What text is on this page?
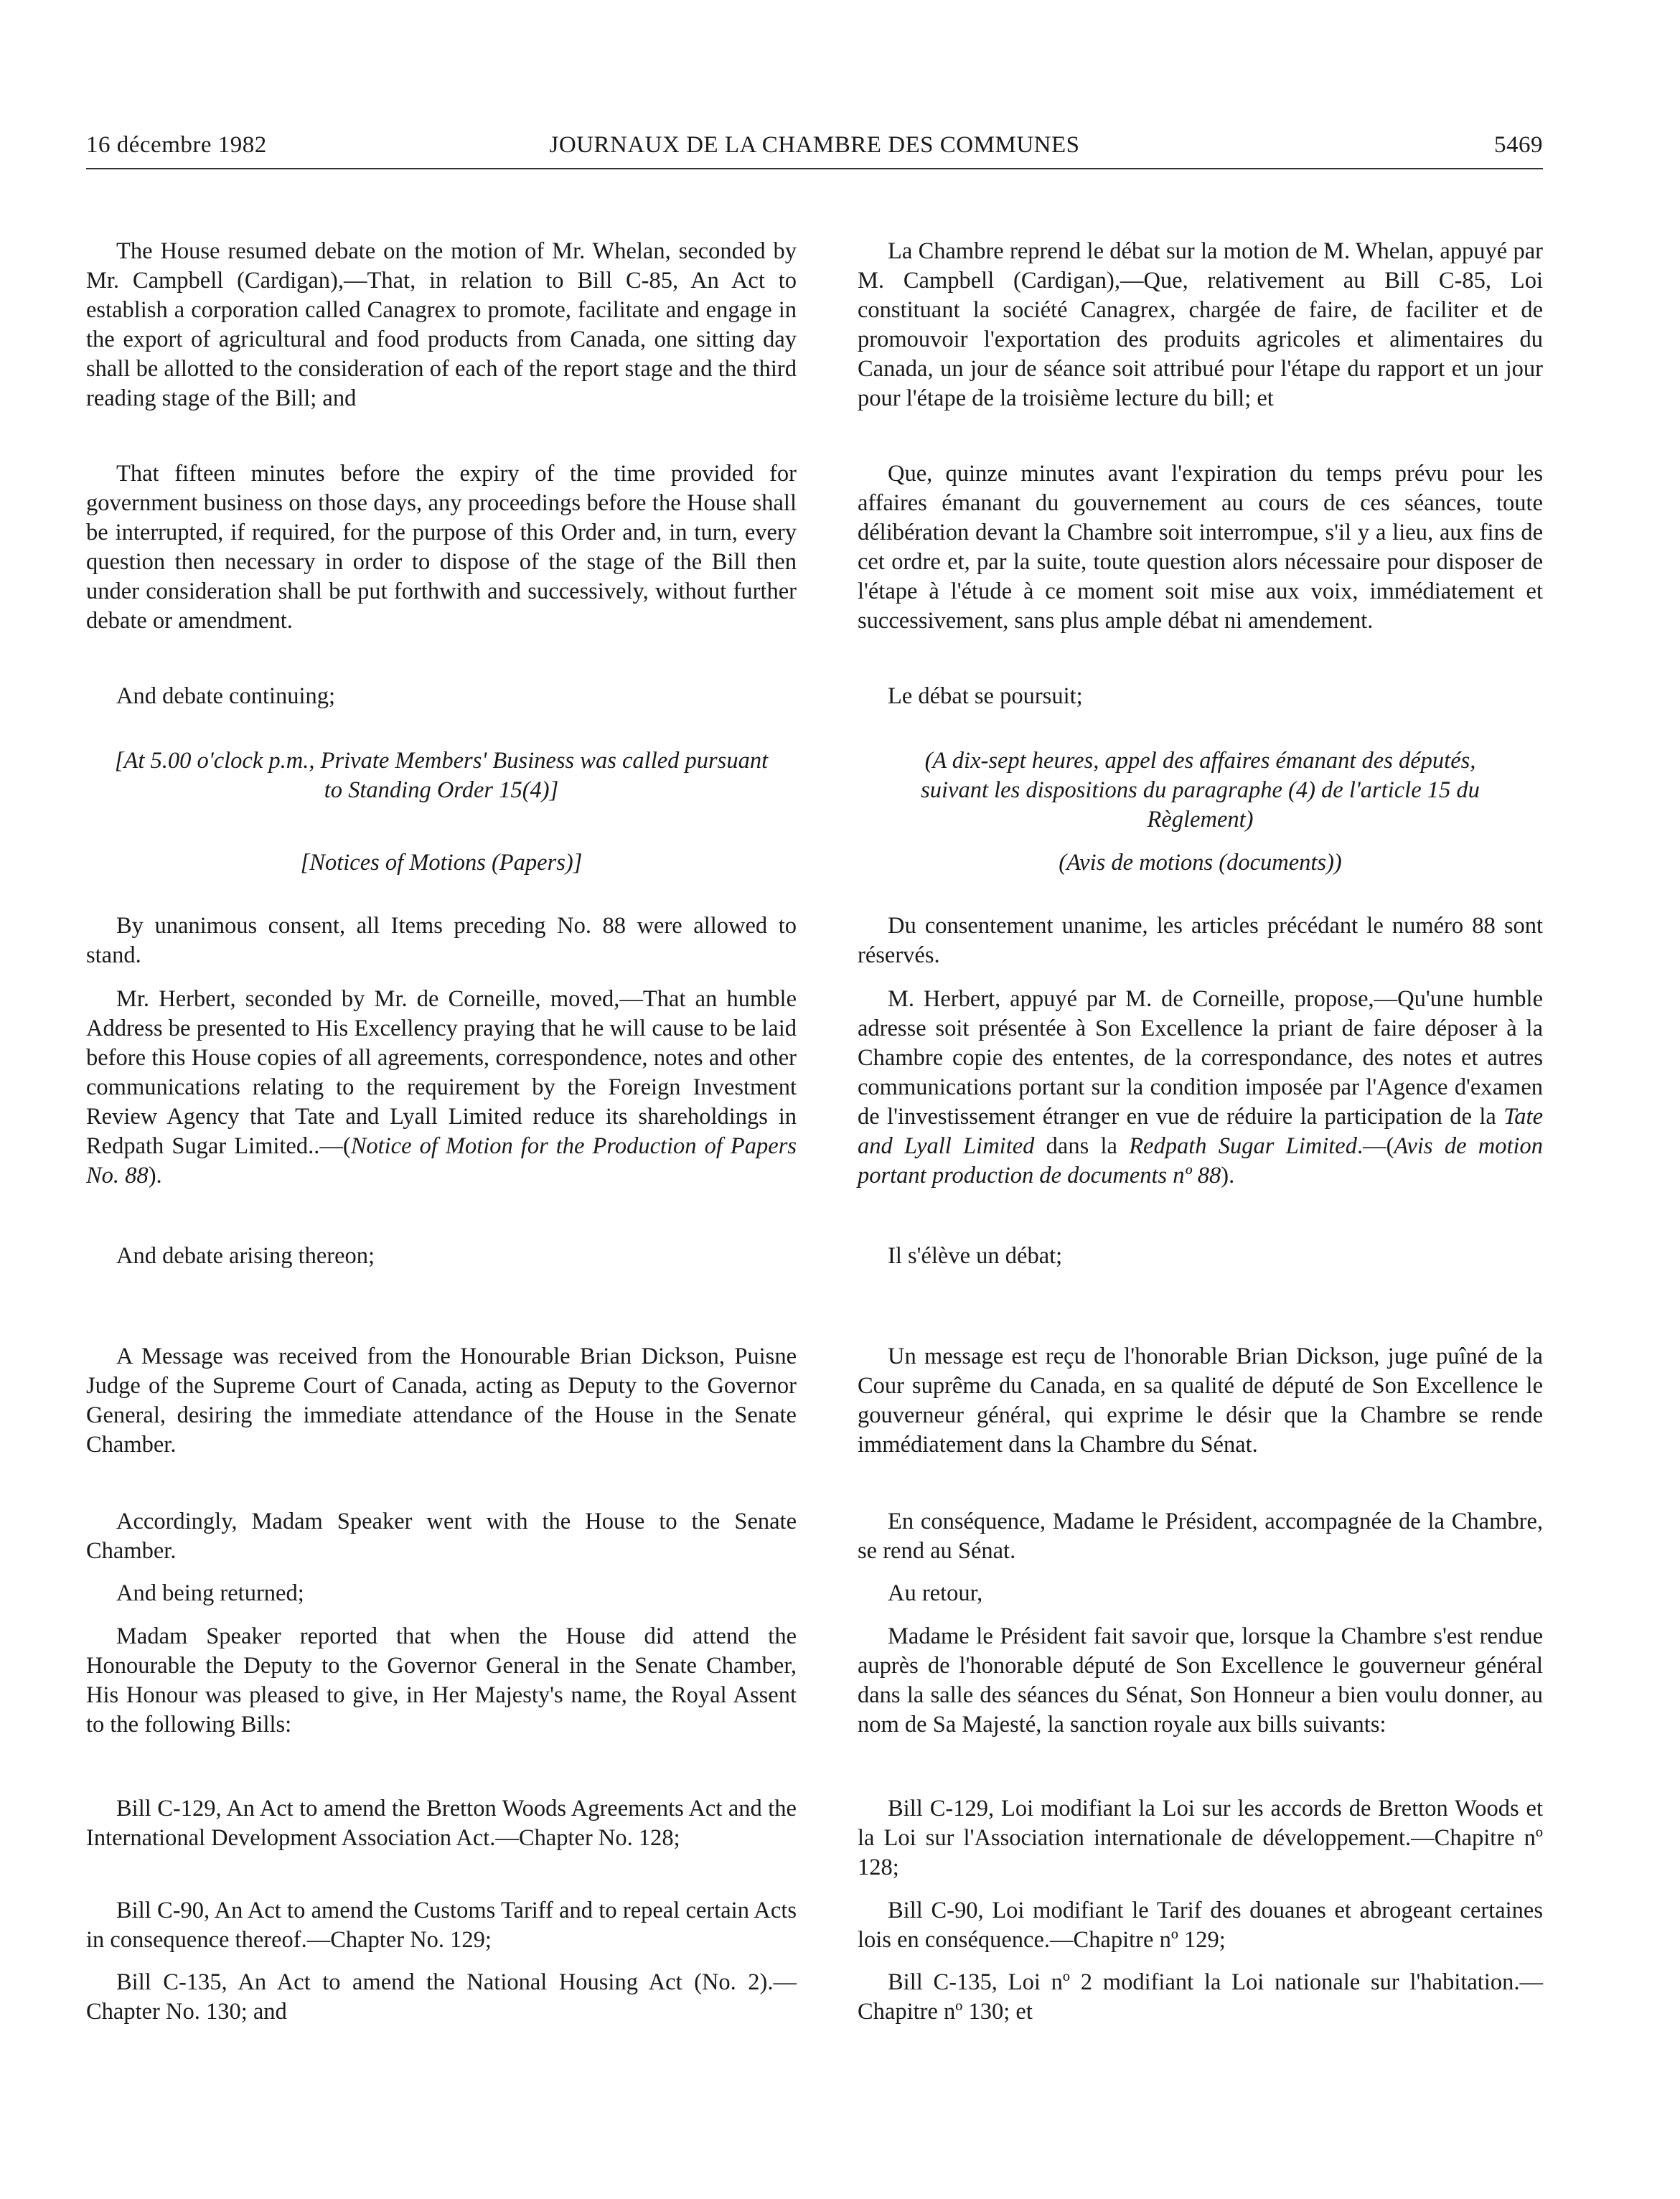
16 décembre 1982	JOURNAUX DE LA CHAMBRE DES COMMUNES	5469

The House resumed debate on the motion of Mr. Whelan, seconded by Mr. Campbell (Cardigan),—That, in relation to Bill C-85, An Act to establish a corporation called Canagrex to promote, facilitate and engage in the export of agricultural and food products from Canada, one sitting day shall be allotted to the consideration of each of the report stage and the third reading stage of the Bill; and

That fifteen minutes before the expiry of the time provided for government business on those days, any proceedings before the House shall be interrupted, if required, for the purpose of this Order and, in turn, every question then necessary in order to dispose of the stage of the Bill then under consideration shall be put forthwith and successively, without further debate or amendment.

And debate continuing;

[At 5.00 o'clock p.m., Private Members' Business was called pursuant to Standing Order 15(4)]

[Notices of Motions (Papers)]

By unanimous consent, all Items preceding No. 88 were allowed to stand.

Mr. Herbert, seconded by Mr. de Corneille, moved,—That an humble Address be presented to His Excellency praying that he will cause to be laid before this House copies of all agreements, correspondence, notes and other communications relating to the requirement by the Foreign Investment Review Agency that Tate and Lyall Limited reduce its shareholdings in Redpath Sugar Limited..—(Notice of Motion for the Production of Papers No. 88).

And debate arising thereon;

A Message was received from the Honourable Brian Dickson, Puisne Judge of the Supreme Court of Canada, acting as Deputy to the Governor General, desiring the immediate attendance of the House in the Senate Chamber.

Accordingly, Madam Speaker went with the House to the Senate Chamber.

And being returned;

Madam Speaker reported that when the House did attend the Honourable the Deputy to the Governor General in the Senate Chamber, His Honour was pleased to give, in Her Majesty's name, the Royal Assent to the following Bills:

Bill C-129, An Act to amend the Bretton Woods Agreements Act and the International Development Association Act.—Chapter No. 128;

Bill C-90, An Act to amend the Customs Tariff and to repeal certain Acts in consequence thereof.—Chapter No. 129;

Bill C-135, An Act to amend the National Housing Act (No. 2).—Chapter No. 130; and

La Chambre reprend le débat sur la motion de M. Whelan, appuyé par M. Campbell (Cardigan),—Que, relativement au Bill C-85, Loi constituant la société Canagrex, chargée de faire, de faciliter et de promouvoir l'exportation des produits agricoles et alimentaires du Canada, un jour de séance soit attribué pour l'étape du rapport et un jour pour l'étape de la troisième lecture du bill; et

Que, quinze minutes avant l'expiration du temps prévu pour les affaires émanant du gouvernement au cours de ces séances, toute délibération devant la Chambre soit interrompue, s'il y a lieu, aux fins de cet ordre et, par la suite, toute question alors nécessaire pour disposer de l'étape à l'étude à ce moment soit mise aux voix, immédiatement et successivement, sans plus ample débat ni amendement.

Le débat se poursuit;

(A dix-sept heures, appel des affaires émanant des députés, suivant les dispositions du paragraphe (4) de l'article 15 du Règlement)

(Avis de motions (documents))

Du consentement unanime, les articles précédant le numéro 88 sont réservés.

M. Herbert, appuyé par M. de Corneille, propose,—Qu'une humble adresse soit présentée à Son Excellence la priant de faire déposer à la Chambre copie des ententes, de la correspondance, des notes et autres communications portant sur la condition imposée par l'Agence d'examen de l'investissement étranger en vue de réduire la participation de la Tate and Lyall Limited dans la Redpath Sugar Limited.—(Avis de motion portant production de documents nº 88).

Il s'élève un débat;

Un message est reçu de l'honorable Brian Dickson, juge puîné de la Cour suprême du Canada, en sa qualité de député de Son Excellence le gouverneur général, qui exprime le désir que la Chambre se rende immédiatement dans la Chambre du Sénat.

En conséquence, Madame le Président, accompagnée de la Chambre, se rend au Sénat.

Au retour,

Madame le Président fait savoir que, lorsque la Chambre s'est rendue auprès de l'honorable député de Son Excellence le gouverneur général dans la salle des séances du Sénat, Son Honneur a bien voulu donner, au nom de Sa Majesté, la sanction royale aux bills suivants:

Bill C-129, Loi modifiant la Loi sur les accords de Bretton Woods et la Loi sur l'Association internationale de développement.—Chapitre nº 128;

Bill C-90, Loi modifiant le Tarif des douanes et abrogeant certaines lois en conséquence.—Chapitre nº 129;

Bill C-135, Loi nº 2 modifiant la Loi nationale sur l'habitation.—Chapitre nº 130; et
